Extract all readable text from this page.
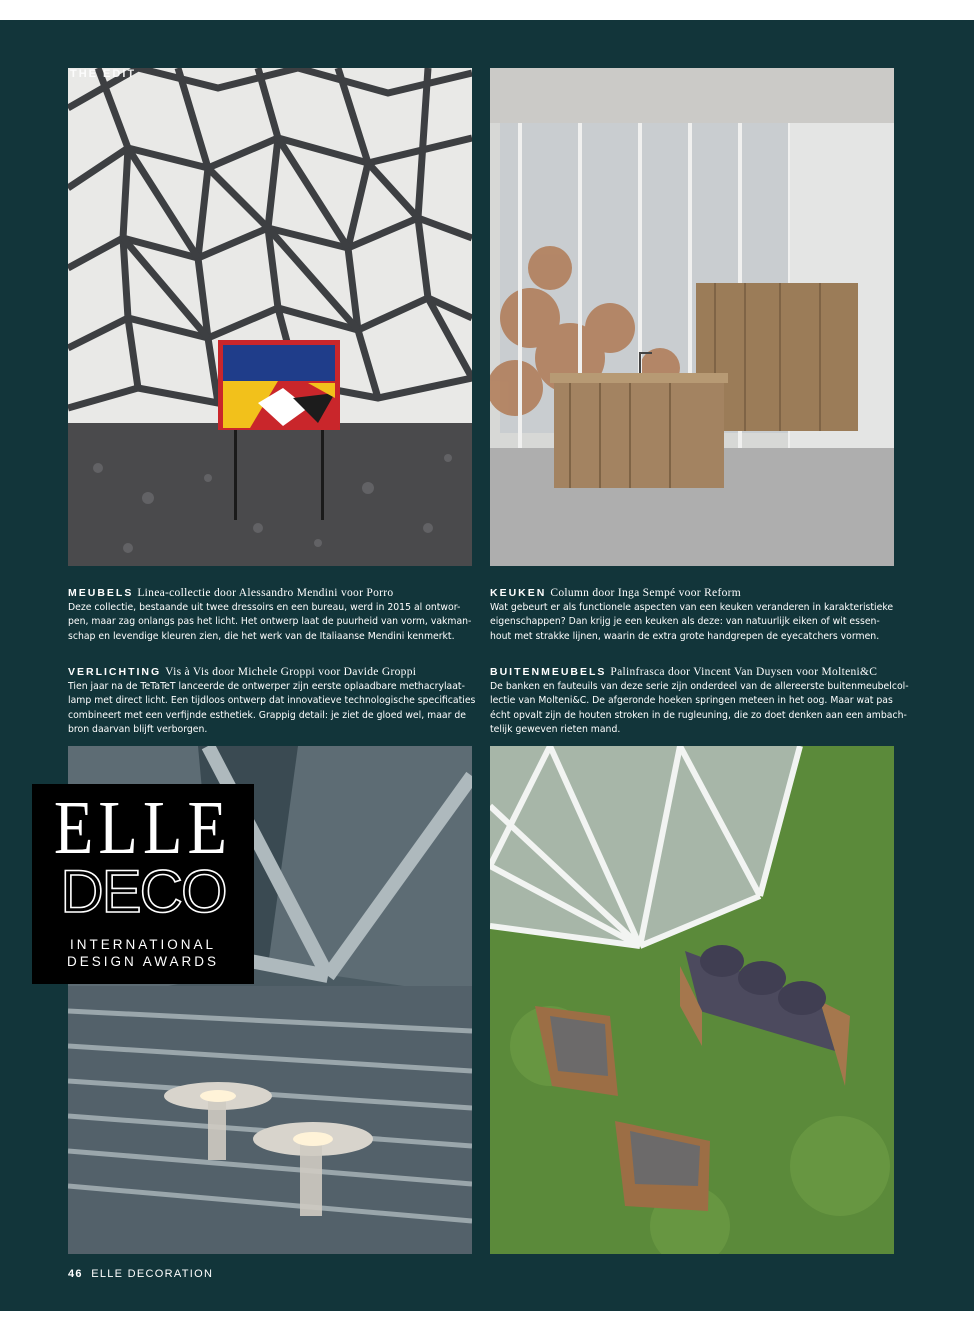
THE EDIT
MEUBELS Linea-collectie door Alessandro Mendini voor Porro
Deze collectie, bestaande uit twee dressoirs en een bureau, werd in 2015 al ontwor-
pen, maar zag onlangs pas het licht. Het ontwerp laat de puurheid van vorm, vakman-
schap en levendige kleuren zien, die het werk van de Italiaanse Mendini kenmerkt.
KEUKEN Column door Inga Sempé voor Reform
Wat gebeurt er als functionele aspecten van een keuken veranderen in karakteristieke
eigenschappen? Dan krijg je een keuken als deze: van natuurlijk eiken of wit essen-
hout met strakke lijnen, waarin de extra grote handgrepen de eyecatchers vormen.
VERLICHTING Vis à Vis door Michele Groppi voor Davide Groppi
Tien jaar na de TeTaTeT lanceerde de ontwerper zijn eerste oplaadbare methacrylaat-
lamp met direct licht. Een tijdloos ontwerp dat innovatieve technologische specificaties
combineert met een verfijnde esthetiek. Grappig detail: je ziet de gloed wel, maar de
bron daarvan blijft verborgen.
BUITENMEUBELS Palinfrasca door Vincent Van Duysen voor Molteni&C
De banken en fauteuils van deze serie zijn onderdeel van de allereerste buitenmeubelcol-
lectie van Molteni&C. De afgeronde hoeken springen meteen in het oog. Maar wat pas
écht opvalt zijn de houten stroken in de rugleuning, die zo doet denken aan een ambach-
telijk geweven rieten mand.
ELLE
DECO
INTERNATIONAL
DESIGN AWARDS
46 ELLE DECORATION
